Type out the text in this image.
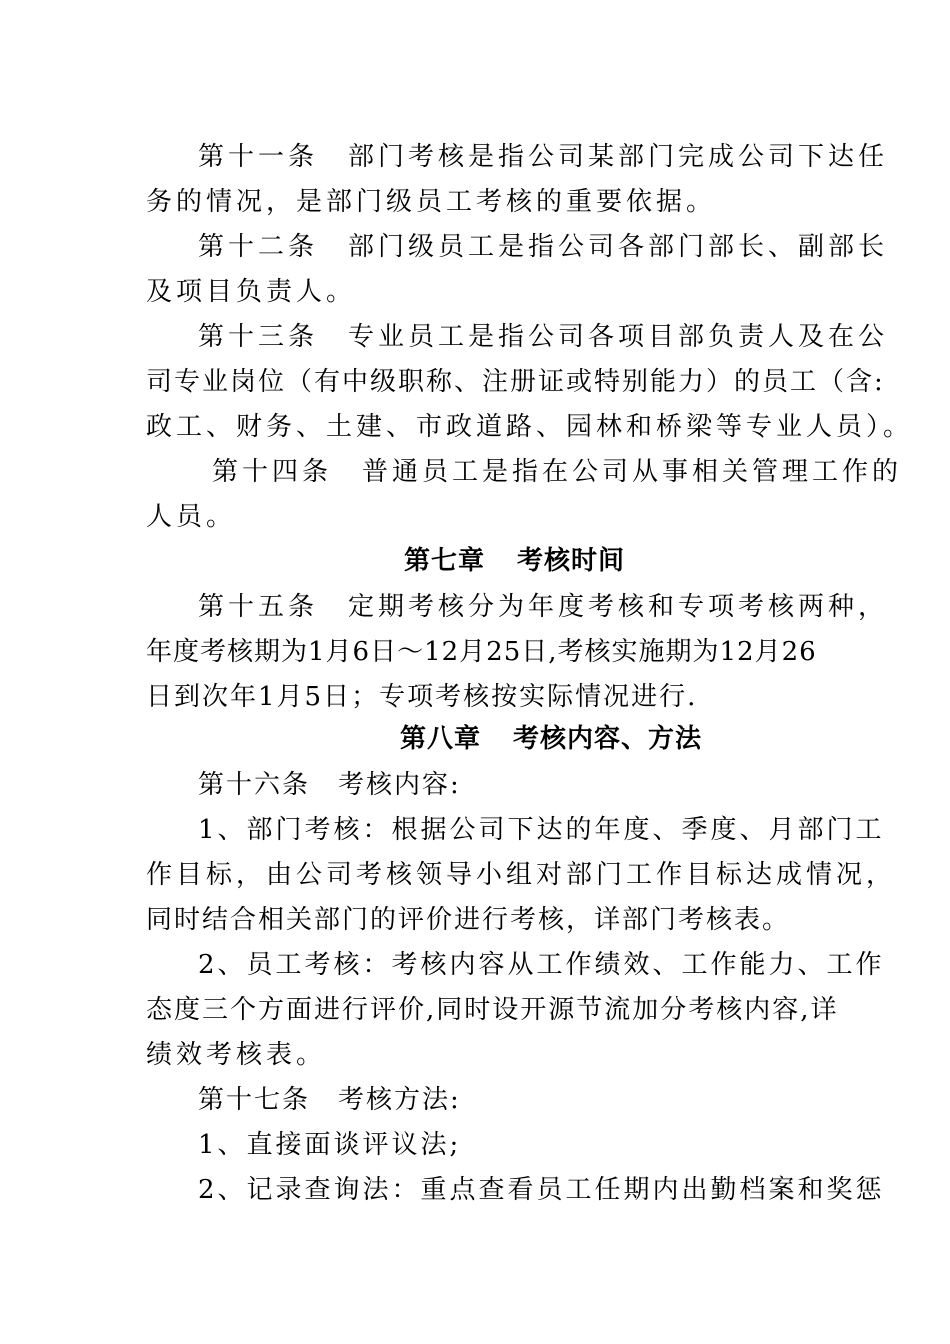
第十一条　部门考核是指公司某部门完成公司下达任
务的情况，是部门级员工考核的重要依据。
第十二条　部门级员工是指公司各部门部长、副部长
及项目负责人。
第十三条　专业员工是指公司各项目部负责人及在公
司专业岗位（有中级职称、注册证或特别能力）的员工（含:
政工、财务、土建、市政道路、园林和桥梁等专业人员）。
第十四条　普通员工是指在公司从事相关管理工作的
人员。
第七章 考核时间
第十五条　定期考核分为年度考核和专项考核两种，
年度考核期为1月6日～12月25日,考核实施期为12月26
日到次年1月5日；专项考核按实际情况进行.
第八章 考核内容、方法
第十六条　考核内容:
1、部门考核：根据公司下达的年度、季度、月部门工
作目标，由公司考核领导小组对部门工作目标达成情况，
同时结合相关部门的评价进行考核，详部门考核表。
2、员工考核：考核内容从工作绩效、工作能力、工作
态度三个方面进行评价,同时设开源节流加分考核内容,详
绩效考核表。
第十七条　考核方法:
1、直接面谈评议法;
2、记录查询法：重点查看员工任期内出勤档案和奖惩
